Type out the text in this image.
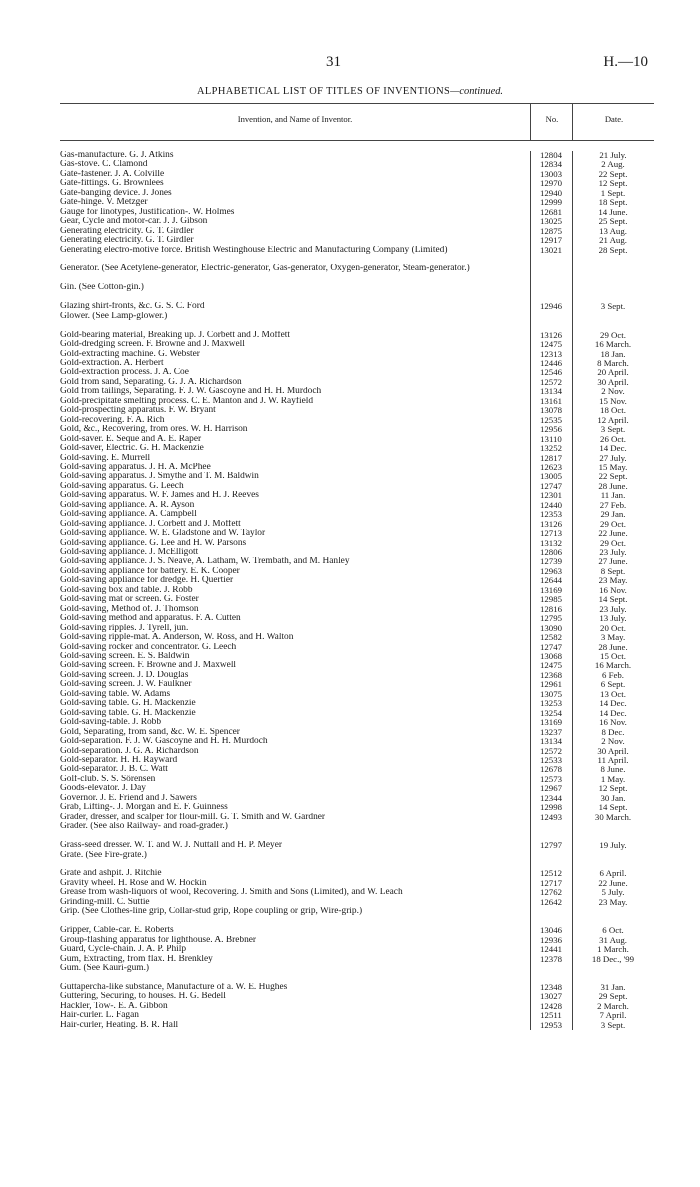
31	H.—10
ALPHABETICAL LIST OF TITLES OF INVENTIONS—continued.
Invention, and Name of Inventor.	No.	Date.
Gas-manufacture. G. J. Atkins	12804	21 July.
Gas-stove. C. Clamond	12834	2 Aug.
Gate-fastener. J. A. Colville	13003	22 Sept.
Gate-fittings. G. Brownlees	12970	12 Sept.
Gate-banging device. J. Jones	12940	1 Sept.
Gate-hinge. V. Metzger	12999	18 Sept.
Gauge for linotypes, Justification-. W. Holmes	12681	14 June.
Gear, Cycle and motor-car. J. J. Gibson	13025	25 Sept.
Generating electricity. G. T. Girdler	12875	13 Aug.
Generating electricity. G. T. Girdler	12917	21 Aug.
Generating electro-motive force. British Westinghouse Electric and Manufacturing Company (Limited)	13021	28 Sept.
Generator. (See Acetylene-generator, Electric-generator, Gas-generator, Oxygen-generator, Steam-generator.)
Gin. (See Cotton-gin.)
Glazing shirt-fronts, &c. G. S. C. Ford	12946	3 Sept.
Glower. (See Lamp-glower.)
Gold-bearing material, Breaking up. J. Corbett and J. Moffett	13126	29 Oct.
Gold-dredging screen. F. Browne and J. Maxwell	12475	16 March.
Gold-extracting machine. G. Webster	12313	18 Jan.
Gold-extraction. A. Herbert	12446	8 March.
Gold-extraction process. J. A. Coe	12546	20 April.
Gold from sand, Separating. G. J. A. Richardson	12572	30 April.
Gold from tailings, Separating. F. J. W. Gascoyne and H. H. Murdoch	13134	2 Nov.
Gold-precipitate smelting process. C. E. Manton and J. W. Rayfield	13161	15 Nov.
Gold-prospecting apparatus. F. W. Bryant	13078	18 Oct.
Gold-recovering. F. A. Rich	12535	12 April.
Gold, &c., Recovering, from ores. W. H. Harrison	12956	3 Sept.
Gold-saver. E. Seque and A. E. Raper	13110	26 Oct.
Gold-saver, Electric. G. H. Mackenzie	13252	14 Dec.
Gold-saving. E. Murrell	12817	27 July.
Gold-saving apparatus. J. H. A. McPhee	12623	15 May.
Gold-saving apparatus. J. Smythe and T. M. Baldwin	13005	22 Sept.
Gold-saving apparatus. G. Leech	12747	28 June.
Gold-saving apparatus. W. F. James and H. J. Reeves	12301	11 Jan.
Gold-saving appliance. A. R. Ayson	12440	27 Feb.
Gold-saving appliance. A. Campbell	12353	29 Jan.
Gold-saving appliance. J. Corbett and J. Moffett	13126	29 Oct.
Gold-saving appliance. W. E. Gladstone and W. Taylor	12713	22 June.
Gold-saving appliance. G. Lee and H. W. Parsons	13132	29 Oct.
Gold-saving appliance. J. McElligott	12806	23 July.
Gold-saving appliance. J. S. Neave, A. Latham, W. Trembath, and M. Hanley	12739	27 June.
Gold-saving appliance for battery. E. K. Cooper	12963	8 Sept.
Gold-saving appliance for dredge. H. Quertier	12644	23 May.
Gold-saving box and table. J. Robb	13169	16 Nov.
Gold-saving mat or screen. G. Foster	12985	14 Sept.
Gold-saving, Method of. J. Thomson	12816	23 July.
Gold-saving method and apparatus. F. A. Cutten	12795	13 July.
Gold-saving ripples. J. Tyrell, jun.	13090	20 Oct.
Gold-saving ripple-mat. A. Anderson, W. Ross, and H. Walton	12582	3 May.
Gold-saving rocker and concentrator. G. Leech	12747	28 June.
Gold-saving screen. E. S. Baldwin	13068	15 Oct.
Gold-saving screen. F. Browne and J. Maxwell	12475	16 March.
Gold-saving screen. J. D. Douglas	12368	6 Feb.
Gold-saving screen. J. W. Faulkner	12961	6 Sept.
Gold-saving table. W. Adams	13075	13 Oct.
Gold-saving table. G. H. Mackenzie	13253	14 Dec.
Gold-saving table. G. H. Mackenzie	13254	14 Dec.
Gold-saving-table. J. Robb	13169	16 Nov.
Gold, Separating, from sand, &c. W. E. Spencer	13237	8 Dec.
Gold-separation. F. J. W. Gascoyne and H. H. Murdoch	13134	2 Nov.
Gold-separation. J. G. A. Richardson	12572	30 April.
Gold-separator. H. H. Rayward	12533	11 April.
Gold-separator. J. B. C. Watt	12678	8 June.
Golf-club. S. S. Sörensen	12573	1 May.
Goods-elevator. J. Day	12967	12 Sept.
Governor. J. E. Friend and J. Sawers	12344	30 Jan.
Grab, Lifting-. J. Morgan and E. F. Guinness	12998	14 Sept.
Grader, dresser, and scalper for flour-mill. G. T. Smith and W. Gardner	12493	30 March.
Grader. (See also Railway- and road-grader.)
Grass-seed dresser. W. T. and W. J. Nuttall and H. P. Meyer	12797	19 July.
Grate. (See Fire-grate.)
Grate and ashpit. J. Ritchie	12512	6 April.
Gravity wheel. H. Rose and W. Hockin	12717	22 June.
Grease from wash-liquors of wool, Recovering. J. Smith and Sons (Limited), and W. Leach	12762	5 July.
Grinding-mill. C. Suttie	12642	23 May.
Grip. (See Clothes-line grip, Collar-stud grip, Rope coupling or grip, Wire-grip.)
Gripper, Cable-car. E. Roberts	13046	6 Oct.
Group-flashing apparatus for lighthouse. A. Brebner	12936	31 Aug.
Guard, Cycle-chain. J. A. P. Philp	12441	1 March.
Gum, Extracting, from flax. H. Brenkley	12378	18 Dec., '99
Gum. (See Kauri-gum.)
Guttapercha-like substance, Manufacture of a. W. E. Hughes	12348	31 Jan.
Guttering, Securing, to houses. H. G. Bedell	13027	29 Sept.
Hackler, Tow-. E. A. Gibbon	12428	2 March.
Hair-curler. L. Fagan	12511	7 April.
Hair-curler, Heating. B. R. Hall	12953	3 Sept.
